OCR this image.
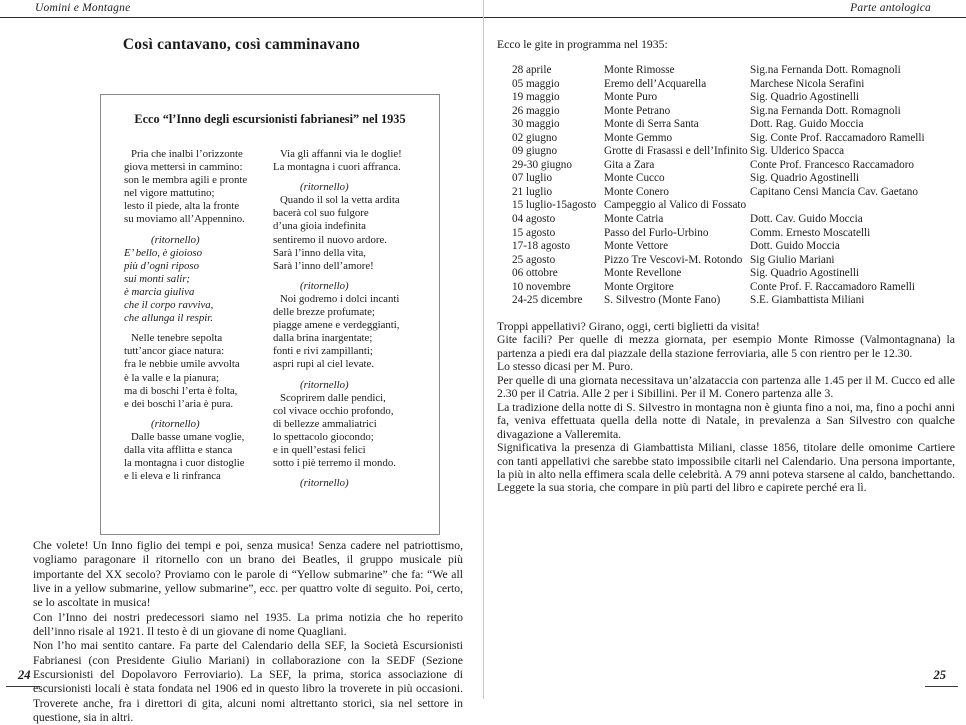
Uomini e Montagne
Così cantavano, così camminavano
Ecco “l’Inno degli escursionisti fabrianesi” nel 1935
Pria che inalbi l’orizzonte
giova mettersi in cammino:
son le membra agili e pronte
nel vigore mattutino;
lesto il piede, alta la fronte
su moviamo all’Appennino.
(ritornello)
E’ bello, è gioioso
più d’ogni riposo
sui monti salir;
è marcia giuliva
che il corpo ravviva,
che allunga il respir.
Nelle tenebre sepolta
tutt’ancor giace natura:
fra le nebbie umile avvolta
è la valle e la pianura;
ma di boschi l’erta è folta,
e dei boschi l’aria è pura.
(ritornello)
Dalle basse umane voglie,
dalla vita afflitta e stanca
la montagna i cuor distoglie
e li eleva e li rinfranca
Via gli affanni via le doglie!
La montagna i cuori affranca.
(ritornello)
Quando il sol la vetta ardita
bacerà col suo fulgore
d’una gioia indefinita
sentiremo il nuovo ardore.
Sarà l’inno della vita,
Sarà l’inno dell’amore!
(ritornello)
Noi godremo i dolci incanti
delle brezze profumate;
piagge amene e verdeggianti,
dalla brina inargentate;
fonti e rivi zampillanti;
aspri rupi al ciel levate.
(ritornello)
Scoprirem dalle pendici,
col vivace occhio profondo,
di bellezze ammaliatrici
lo spettacolo giocondo;
e in quell’estasi felici
sotto i piè terremo il mondo.
(ritornello)

Che volete! Un Inno figlio dei tempi e poi, senza musica! Senza cadere nel patriottismo, vogliamo paragonare il ritornello con un brano dei Beatles, il gruppo musicale più importante del XX secolo? Proviamo con le parole di “Yellow submarine” che fa: “We all live in a yellow submarine, yellow submarine”, ecc. per quattro volte di seguito. Poi, certo, se lo ascoltate in musica!

Con l’Inno dei nostri predecessori siamo nel 1935. La prima notizia che ho reperito dell’inno risale al 1921. Il testo è di un giovane di nome Quagliani.

Non l’ho mai sentito cantare. Fa parte del Calendario della SEF, la Società Escursionisti Fabrianesi (con Presidente Giulio Mariani) in collaborazione con la SEDF (Sezione Escursionisti del Dopolavoro Ferroviario). La SEF, la prima, storica associazione di escursionisti locali è stata fondata nel 1906 ed in questo libro la troverete in più occasioni. Troverete anche, fra i direttori di gita, alcuni nomi altrettanto storici, sia nel settore in questione, sia in altri.

24
Parte antologica
Ecco le gite in programma nel 1935:
28 aprile	Monte Rimosse	Sig.na Fernanda Dott. Romagnoli
05 maggio	Eremo dell’Acquarella	Marchese Nicola Serafini
19 maggio	Monte Puro	Sig. Quadrio Agostinelli
26 maggio	Monte Petrano	Sig.na Fernanda Dott. Romagnoli
30 maggio	Monte di Serra Santa	Dott. Rag. Guido Moccia
02 giugno	Monte Gemmo	Sig. Conte Prof. Raccamadoro Ramelli
09 giugno	Grotte di Frasassi e dell’Infinito Sig. Ulderico Spacca
29-30 giugno	Gita a Zara	Conte Prof. Francesco Raccamadoro
07 luglio	Monte Cucco	Sig. Quadrio Agostinelli
21 luglio	Monte Conero	Capitano Censi Mancia Cav. Gaetano
15 luglio-15agosto Campeggio al Valico di Fossato
04 agosto	Monte Catria	Dott. Cav. Guido Moccia
15 agosto	Passo del Furlo-Urbino	Comm. Ernesto Moscatelli
17-18 agosto	Monte Vettore	Dott. Guido Moccia
25 agosto	Pizzo Tre Vescovi-M. Rotondo Sig Giulio Mariani
06 ottobre	Monte Revellone	Sig. Quadrio Agostinelli
10 novembre	Monte Orgitore	Conte Prof. F. Raccamadoro Ramelli
24-25 dicembre	S. Silvestro (Monte Fano)	S.E. Giambattista Miliani

Troppi appellativi? Girano, oggi, certi biglietti da visita!

Gite facili? Per quelle di mezza giornata, per esempio Monte Rimosse (Valmontagnana) la partenza a piedi era dal piazzale della stazione ferroviaria, alle 5 con rientro per le 12.30.

Lo stesso dicasi per M. Puro.

Per quelle di una giornata necessitava un’alzataccia con partenza alle 1.45 per il M. Cucco ed alle 2.30 per il Catria. Alle 2 per i Sibillini. Per il M. Conero partenza alle 3.

La tradizione della notte di S. Silvestro in montagna non è giunta fino a noi, ma, fino a pochi anni fa, veniva effettuata quella della notte di Natale, in prevalenza a San Silvestro con qualche divagazione a Valleremita.

Significativa la presenza di Giambattista Miliani, classe 1856, titolare delle omonime Cartiere con tanti appellativi che sarebbe stato impossibile citarli nel Calendario. Una persona importante, la più in alto nella effimera scala delle celebrità. A 79 anni poteva starsene al caldo, banchettando. Leggete la sua storia, che compare in più parti del libro e capirete perché era lì.

25
